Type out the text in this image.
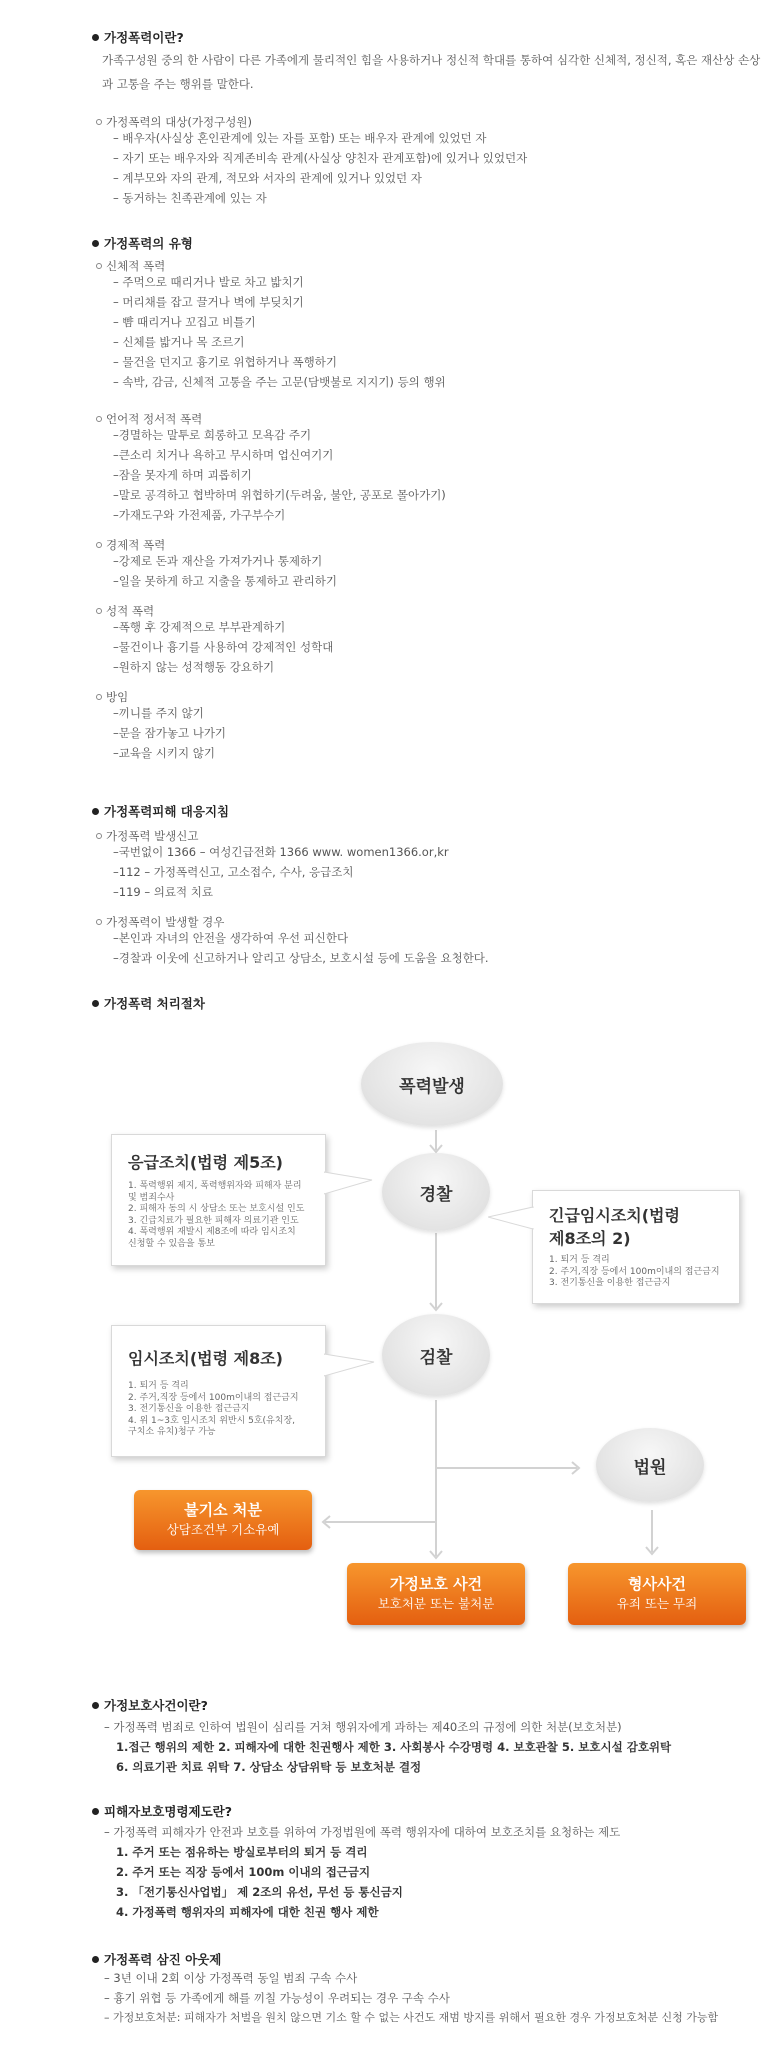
가정폭력이란?
가족구성원 중의 한 사람이 다른 가족에게 물리적인 힘을 사용하거나 정신적 학대를 통하여 심각한 신체적, 정신적, 혹은 재산상 손상과 고통을 주는 행위를 말한다.
가정폭력의 대상(가정구성원)
– 배우자(사실상 혼인관계에 있는 자를 포함) 또는 배우자 관계에 있었던 자
– 자기 또는 배우자와 직계존비속 관계(사실상 양친자 관계포함)에 있거나 있었던자
– 계부모와 자의 관계, 적모와 서자의 관계에 있거나 있었던 자
– 동거하는 친족관계에 있는 자
가정폭력의 유형
신체적 폭력
– 주먹으로 때리거나 발로 차고 밟치기
– 머리채를 잡고 끌거나 벽에 부딪치기
– 뺨 때리거나 꼬집고 비틀기
– 신체를 밟거나 목 조르기
– 물건을 던지고 흉기로 위협하거나 폭행하기
– 속박, 감금, 신체적 고통을 주는 고문(담뱃불로 지지기) 등의 행위
언어적 정서적 폭력
–경멸하는 말투로 희롱하고 모욕감 주기
–큰소리 치거나 욕하고 무시하며 업신여기기
–잠을 못자게 하며 괴롭히기
–말로 공격하고 협박하며 위협하기(두려움, 불안, 공포로 몰아가기)
–가재도구와 가전제품, 가구부수기
경제적 폭력
–강제로 돈과 재산을 가져가거나 통제하기
–일을 못하게 하고 지출을 통제하고 관리하기
성적 폭력
–폭행 후 강제적으로 부부관계하기
–물건이나 흉기를 사용하여 강제적인 성학대
–원하지 않는 성적행동 강요하기
방임
–끼니를 주지 않기
–문을 잠가놓고 나가기
–교육을 시키지 않기
가정폭력피해 대응지침
가정폭력 발생신고
–국번없이 1366 – 여성긴급전화 1366 www. women1366.or,kr
–112 – 가정폭력신고, 고소접수, 수사, 응급조치
–119 – 의료적 치료
가정폭력이 발생할 경우
–본인과 자녀의 안전을 생각하여 우선 피신한다
–경찰과 이웃에 신고하거나 알리고 상담소, 보호시설 등에 도움을 요청한다.
가정폭력 처리절차
폭력발생
경찰
검찰
법원
응급조치(법령 제5조)
1. 폭력행위 제지, 폭력행위자와 피해자 분리
및 범죄수사
2. 피해자 동의 시 상담소 또는 보호시설 인도
3. 긴급치료가 필요한 피해자 의료기관 인도
4. 폭력행위 재발시 제8조에 따라 임시조치
신청할 수 있음을 통보
긴급임시조치(법령
제8조의 2)
1. 퇴거 등 격리
2. 주거,직장 등에서 100m이내의 접근금지
3. 전기통신을 이용한 접근금지
임시조치(법령 제8조)
1. 퇴거 등 격리
2. 주거,직장 등에서 100m이내의 접근금지
3. 전기통신을 이용한 접근금지
4. 위 1~3호 임시조치 위반시 5호(유치장,
구치소 유치)청구 가능
불기소 처분
상담조건부 기소유예
가정보호 사건
보호처분 또는 불처분
형사사건
유죄 또는 무죄
가정보호사건이란?
– 가정폭력 범죄로 인하여 법원이 심리를 거쳐 행위자에게 과하는 제40조의 규정에 의한 처분(보호처분)
1.접근 행위의 제한 2. 피해자에 대한 친권행사 제한 3. 사회봉사 수강명령 4. 보호관찰 5. 보호시설 감호위탁
6. 의료기관 치료 위탁 7. 상담소 상담위탁 등 보호처분 결정
피해자보호명령제도란?
– 가정폭력 피해자가 안전과 보호를 위하여 가정법원에 폭력 행위자에 대하여 보호조치를 요청하는 제도
1. 주거 또는 점유하는 방실로부터의 퇴거 등 격리
2. 주거 또는 직장 등에서 100m 이내의 접근금지
3. 「전기통신사업법」 제 2조의 유선, 무선 등 통신금지
4. 가정폭력 행위자의 피해자에 대한 친권 행사 제한
가정폭력 삼진 아웃제
– 3년 이내 2회 이상 가정폭력 동일 범죄 구속 수사
– 흉기 위협 등 가족에게 해를 끼칠 가능성이 우려되는 경우 구속 수사
– 가정보호처분: 피해자가 처벌을 원치 않으면 기소 할 수 없는 사건도 재범 방지를 위해서 필요한 경우 가정보호처분 신청 가능함
